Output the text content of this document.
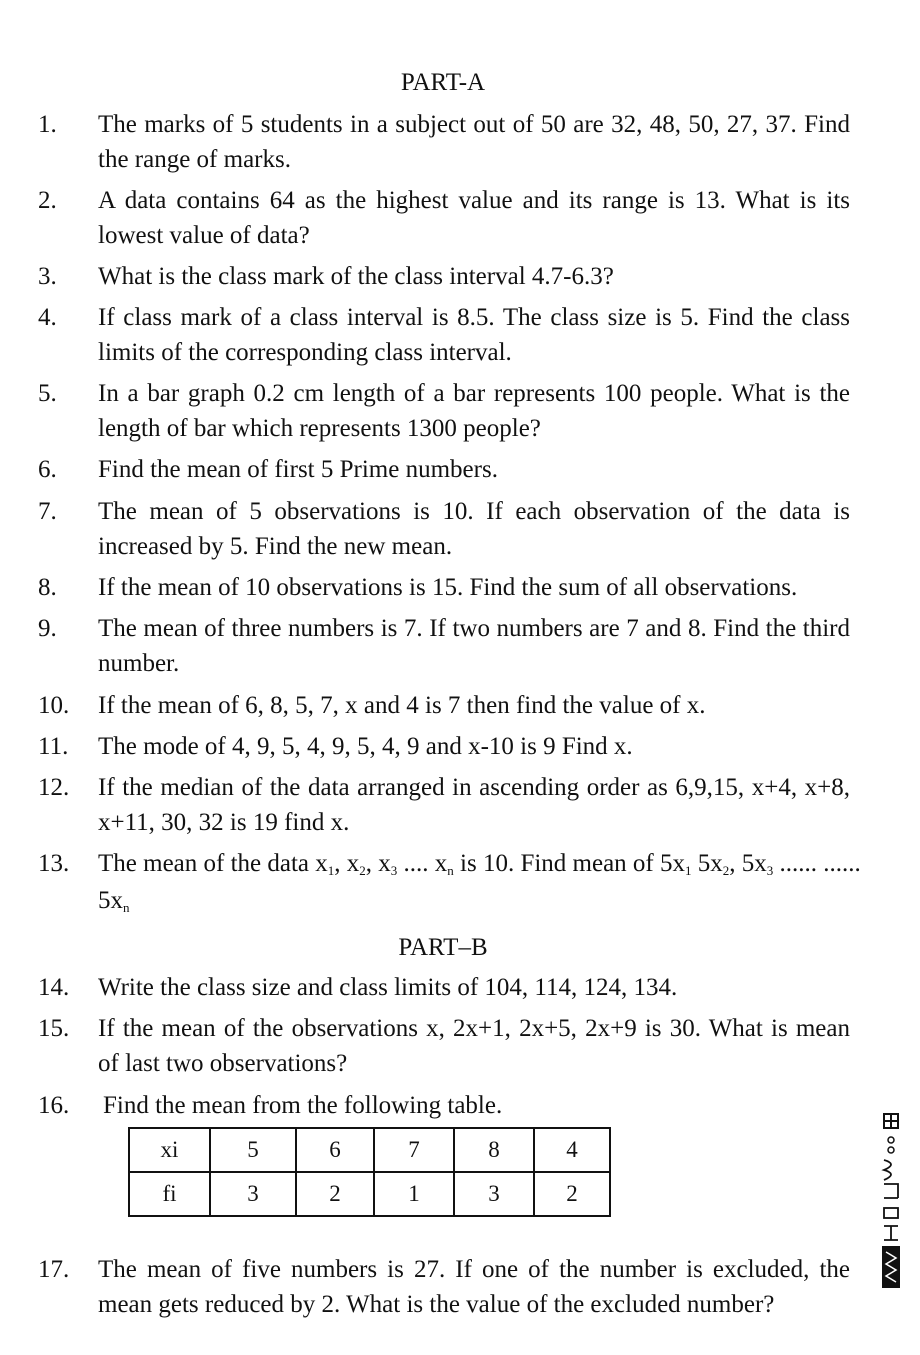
PART-A
1. The marks of 5 students in a subject out of 50 are 32, 48, 50, 27, 37. Find the range of marks.
2. A data contains 64 as the highest value and its range is 13. What is its lowest value of data?
3. What is the class mark of the class interval 4.7-6.3?
4. If class mark of a class interval is 8.5. The class size is 5. Find the class limits of the corresponding class interval.
5. In a bar graph 0.2 cm length of a bar represents 100 people. What is the length of bar which represents 1300 people?
6. Find the mean of first 5 Prime numbers.
7. The mean of 5 observations is 10. If each observation of the data is increased by 5. Find the new mean.
8. If the mean of 10 observations is 15. Find the sum of all observations.
9. The mean of three numbers is 7. If two numbers are 7 and 8. Find the third number.
10. If the mean of 6, 8, 5, 7, x and 4 is 7 then find the value of x.
11. The mode of 4, 9, 5, 4, 9, 5, 4, 9 and x-10 is 9 Find x.
12. If the median of the data arranged in ascending order as 6,9,15, x+4, x+8, x+11, 30, 32 is 19 find x.
13. The mean of the data $x_1$, $x_2$, $x_3$ .... $x_n$ is 10. Find mean of $5x_1$ $5x_2$, $5x_3$ ...... ......
$5x_n$
PART–B
14. Write the class size and class limits of 104, 114, 124, 134.
15. If the mean of the observations x, 2x+1, 2x+5, 2x+9 is 30. What is mean of last two observations?
16. Find the mean from the following table.
xi	5	6	7	8	4
fi	3	2	1	3	2
17. The mean of five numbers is 27. If one of the number is excluded, the mean gets reduced by 2. What is the value of the excluded number?
